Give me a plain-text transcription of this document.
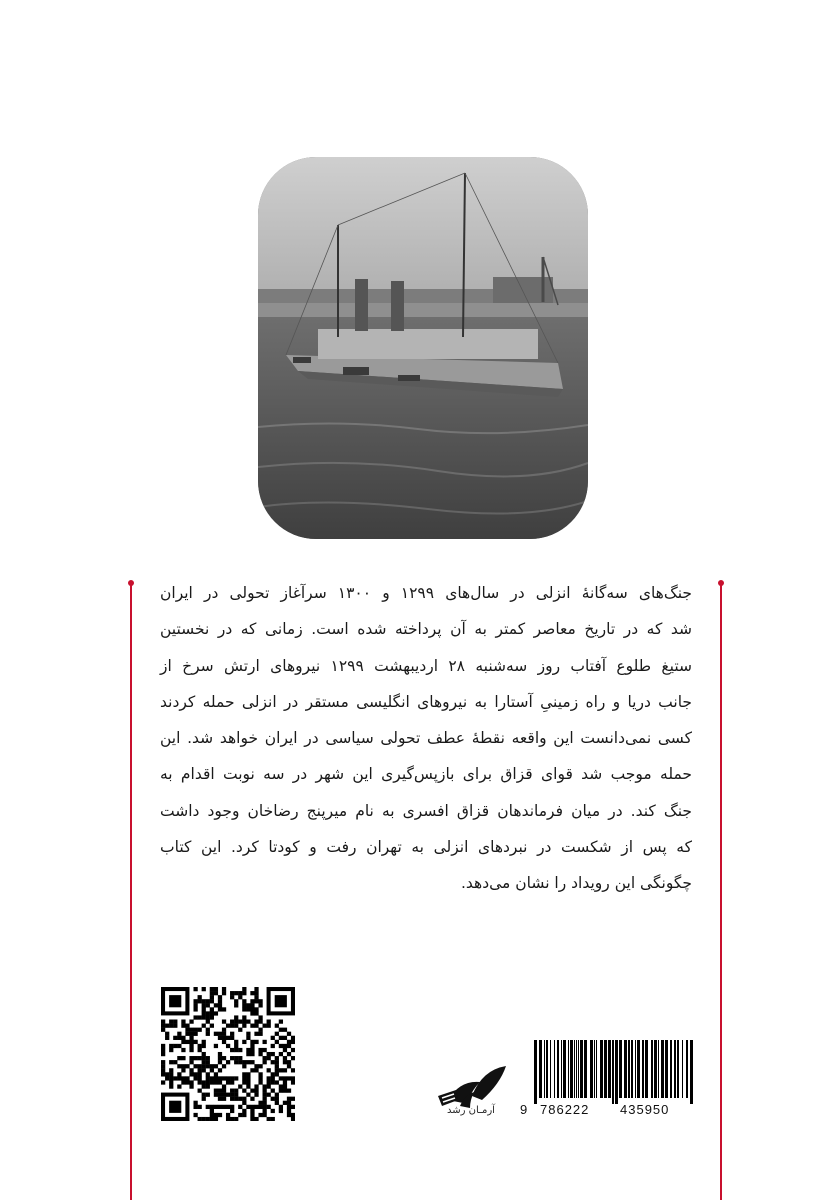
جنگ‌های سه‌گانهٔ انزلی در سال‌های ۱۲۹۹ و ۱۳۰۰ سرآغاز تحولی در ایران
شد که در تاریخ معاصر کمتر به آن پرداخته شده است. زمانی که در نخستین
ستیغ طلوع آفتاب روز سه‌شنبه ۲۸ اردیبهشت ۱۲۹۹ نیروهای ارتش سرخ از
جانب دریا و راه زمینیِ آستارا به نیروهای انگلیسی مستقر در انزلی حمله کردند
کسی نمی‌دانست این واقعه نقطهٔ عطف تحولی سیاسی در ایران خواهد شد. این
حمله موجب شد قوای قزاق برای بازپس‌گیری این شهر در سه نوبت اقدام به
جنگ کند. در میان فرماندهان قزاق افسری به نام میرپنج رضاخان وجود داشت
که پس از شکست در نبردهای انزلی به تهران رفت و کودتا کرد. این کتاب
چگونگی این رویداد را نشان می‌دهد.
آرمـان رشد	9 786222 435950
